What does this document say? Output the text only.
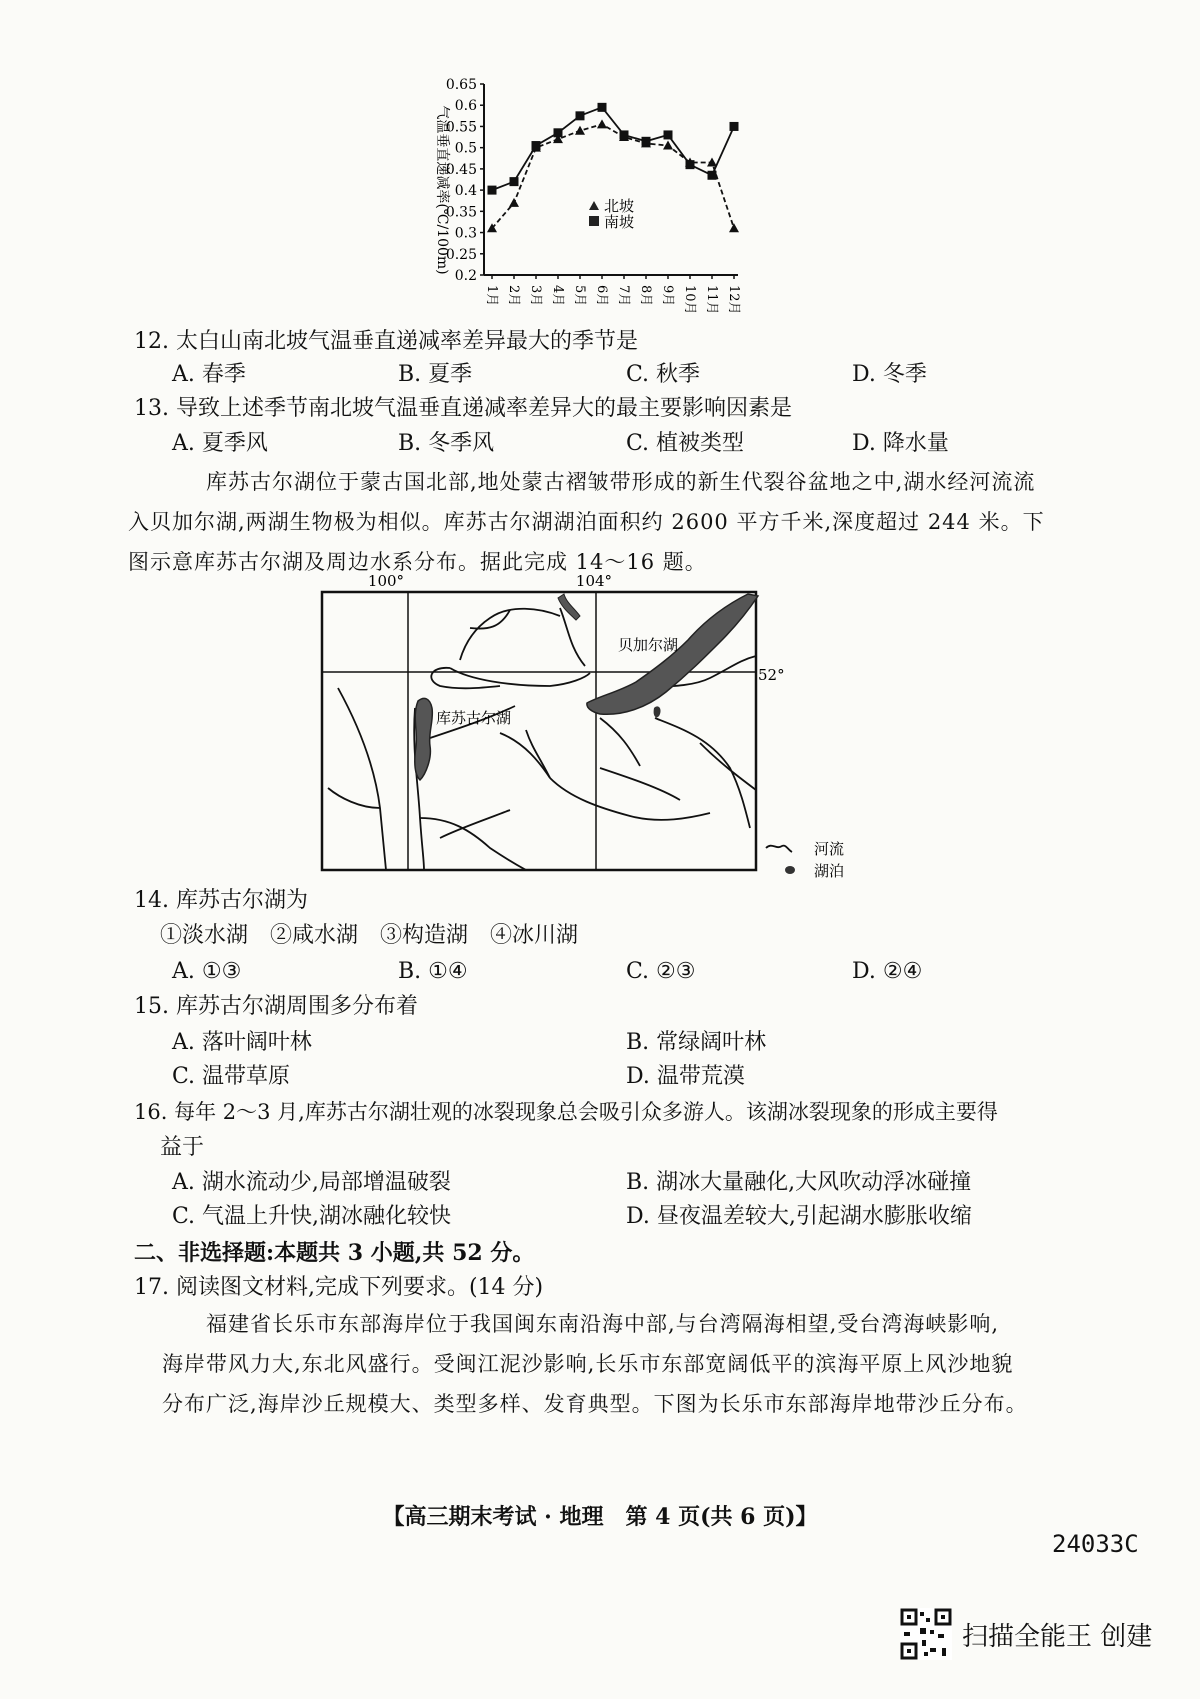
0.2
0.25
0.3
0.35
0.4
0.45
0.5
0.55
0.6
0.65
1月 2月 3月 4月 5月 6月 7月 8月 9月 10月 11月 12月
气温垂直递减率(℃/100m)	北坡
南坡
12. 太白山南北坡气温垂直递减率差异最大的季节是
A. 春季	B. 夏季	C. 秋季	D. 冬季
13. 导致上述季节南北坡气温垂直递减率差异大的最主要影响因素是
A. 夏季风	B. 冬季风	C. 植被类型	D. 降水量
库苏古尔湖位于蒙古国北部,地处蒙古褶皱带形成的新生代裂谷盆地之中,湖水经河流流
入贝加尔湖,两湖生物极为相似。库苏古尔湖湖泊面积约 2600 平方千米,深度超过 244 米。下
图示意库苏古尔湖及周边水系分布。据此完成 14～16 题。
100°	104°
52°
贝加尔湖
库苏古尔湖
河流
湖泊
14. 库苏古尔湖为
①淡水湖　②咸水湖　③构造湖　④冰川湖
A. ①③	B. ①④	C. ②③	D. ②④
15. 库苏古尔湖周围多分布着
A. 落叶阔叶林	B. 常绿阔叶林
C. 温带草原	D. 温带荒漠
16. 每年 2～3 月,库苏古尔湖壮观的冰裂现象总会吸引众多游人。该湖冰裂现象的形成主要得
益于
A. 湖水流动少,局部增温破裂	B. 湖冰大量融化,大风吹动浮冰碰撞
C. 气温上升快,湖冰融化较快	D. 昼夜温差较大,引起湖水膨胀收缩
二、非选择题:本题共 3 小题,共 52 分。
17. 阅读图文材料,完成下列要求。(14 分)
福建省长乐市东部海岸位于我国闽东南沿海中部,与台湾隔海相望,受台湾海峡影响,
海岸带风力大,东北风盛行。受闽江泥沙影响,长乐市东部宽阔低平的滨海平原上风沙地貌
分布广泛,海岸沙丘规模大、类型多样、发育典型。下图为长乐市东部海岸地带沙丘分布。
【高三期末考试 · 地理　第 4 页(共 6 页)】
24033C
扫描全能王 创建
